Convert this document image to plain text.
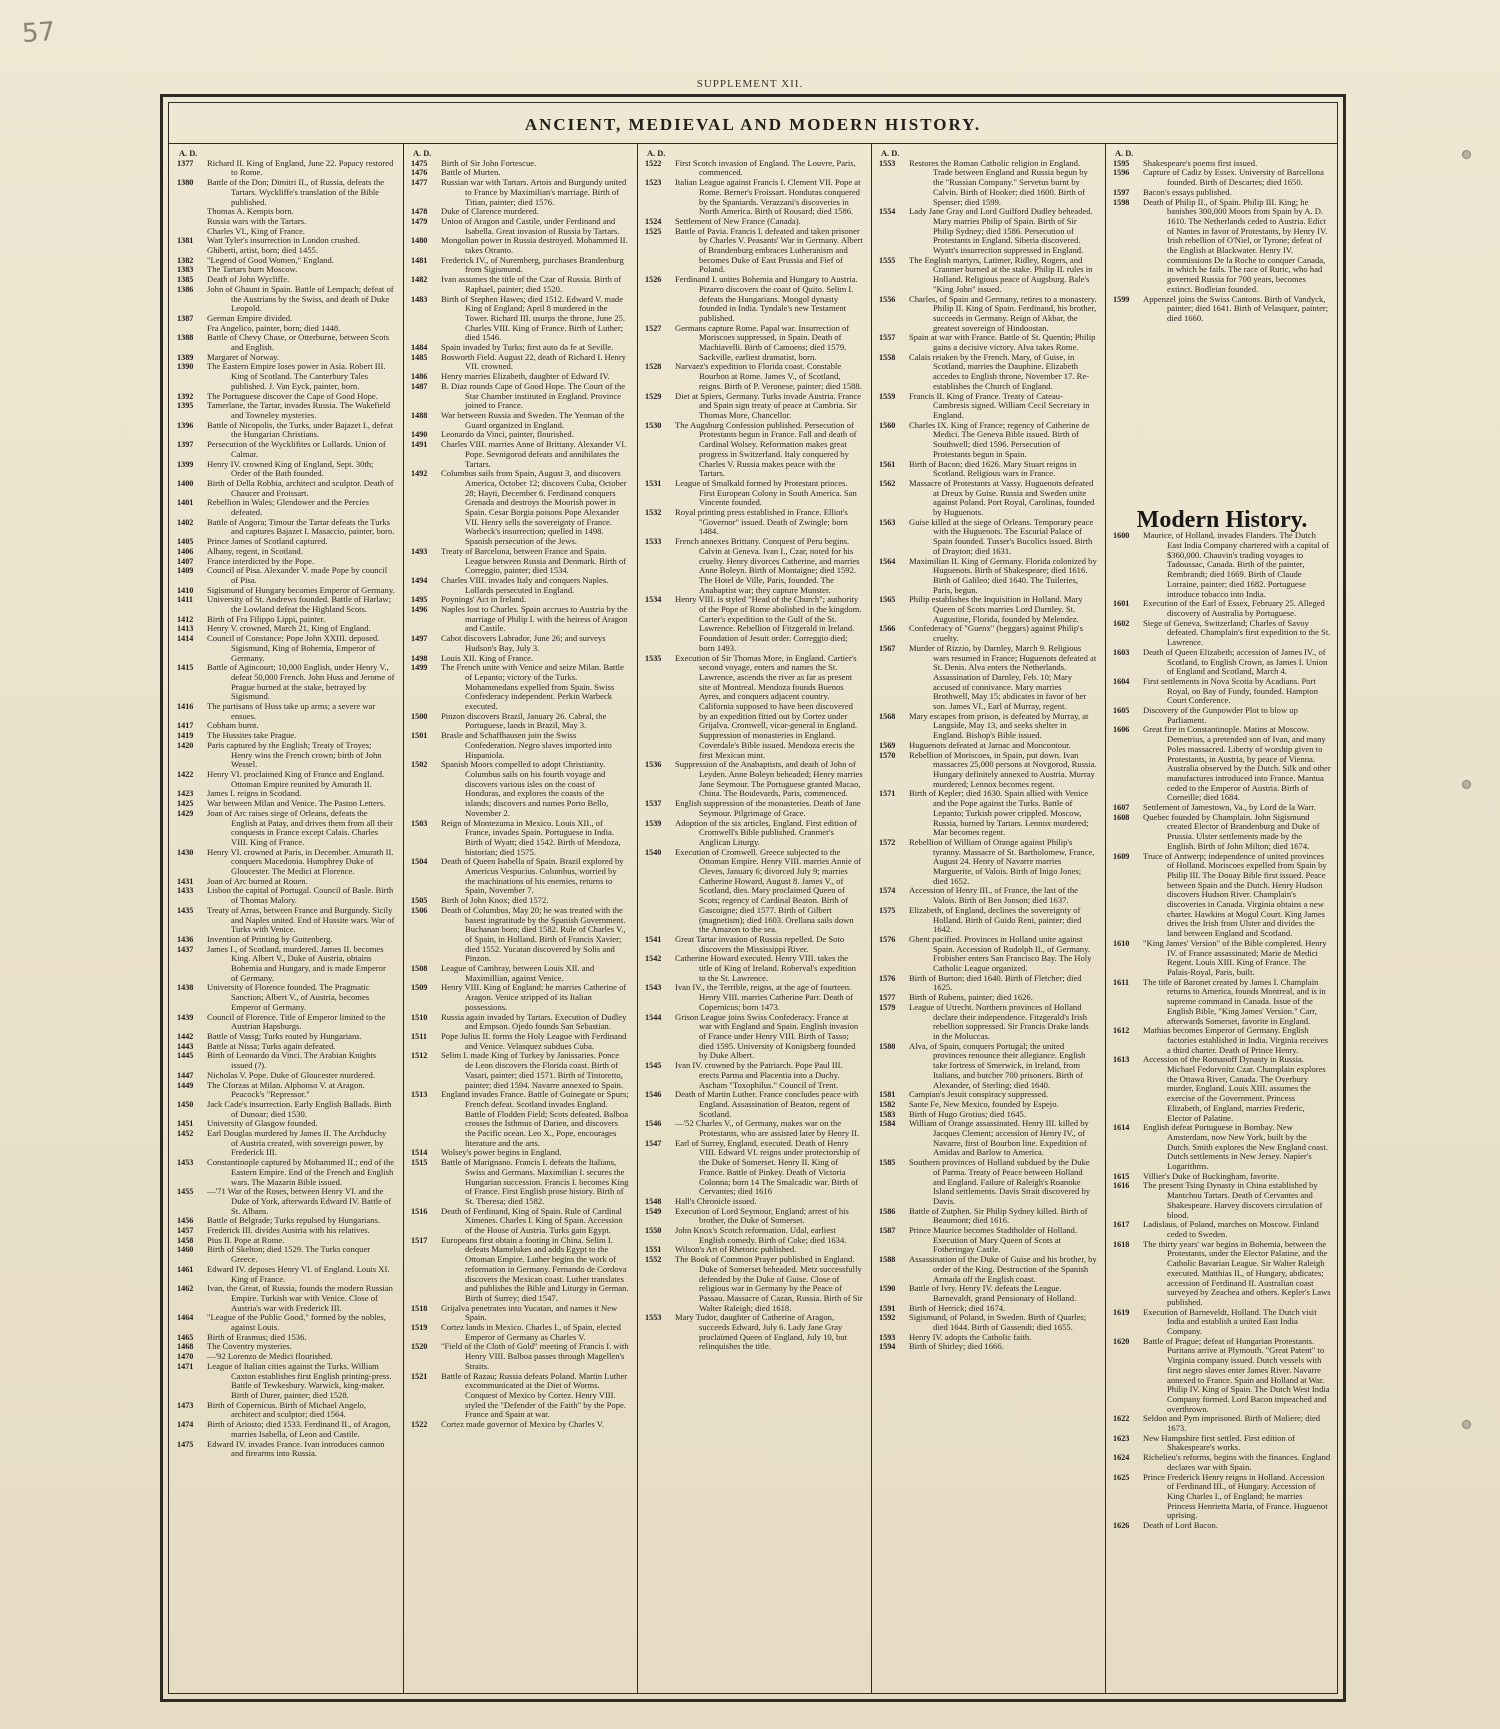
57
SUPPLEMENT XII.
ANCIENT, MEDIEVAL AND MODERN HISTORY.
A. D.
1377	Richard II. King of England, June 22. Papacy restored to Rome.
1380	Battle of the Don; Dimitri II., of Russia, defeats the Tartars. Wyckliffe's translation of the Bible published.
Thomas A. Kempis born.
Russia wars with the Tartars.
Charles VI., King of France.
1381	Watt Tyler's insurrection in London crushed.
Ghiberti, artist, born; died 1455.
1382	"Legend of Good Women," England.
1383	The Tartars burn Moscow.
1385	Death of John Wycliffe.
1386	John of Ghaunt in Spain. Battle of Lempach; defeat of the Austrians by the Swiss, and death of Duke Leopold.
1387	German Empire divided.
Fra Angelico, painter, born; died 1448.
1388	Battle of Chevy Chase, or Otterburne, between Scots and English.
1389	Margaret of Norway.
1390	The Eastern Empire loses power in Asia. Robert III. King of Scotland. The Canterbury Tales published. J. Van Eyck, painter, born.
1392	The Portuguese discover the Cape of Good Hope.
1395	Tamerlane, the Tartar, invades Russia. The Wakefield and Towneley mysteries.
1396	Battle of Nicopolis, the Turks, under Bajazet I., defeat the Hungarian Christians.
1397	Persecution of the Wycklifites or Lollards. Union of Calmar.
1399	Henry IV. crowned King of England, Sept. 30th; Order of the Bath founded.
1400	Birth of Della Robbia, architect and sculptor. Death of Chaucer and Froissart.
1401	Rebellion in Wales; Glendower and the Percies defeated.
1402	Battle of Angora; Timour the Tartar defeats the Turks and captures Bajazet I. Masaccio, painter, born.
1405	Prince James of Scotland captured.
1406	Albany, regent, in Scotland.
1407	France interdicted by the Pope.
1409	Council of Pisa. Alexander V. made Pope by council of Pisa.
1410	Sigismund of Hungary becomes Emperor of Germany.
1411	University of St. Andrews founded. Battle of Harlaw; the Lowland defeat the Highland Scots.
1412	Birth of Fra Filippo Lippi, painter.
1413	Henry V. crowned, March 21, King of England.
1414	Council of Constance; Pope John XXIII. deposed. Sigismund, King of Bohemia, Emperor of Germany.
1415	Battle of Agincourt; 10,000 English, under Henry V., defeat 50,000 French. John Huss and Jerome of Prague burned at the stake, betrayed by Sigismund.
1416	The partisans of Huss take up arms; a severe war ensues.
1417	Cobham burnt.
1419	The Hussites take Prague.
1420	Paris captured by the English; Treaty of Troyes; Henry wins the French crown; birth of John Wessel.
1422	Henry VI. proclaimed King of France and England. Ottoman Empire reunited by Amurath II.
1423	James I. reigns in Scotland.
1425	War between Milan and Venice. The Paston Letters.
1429	Joan of Arc raises siege of Orleans, defeats the English at Patay, and drives them from all their conquests in France except Calais. Charles VIII. King of France.
1430	Henry VI. crowned at Paris, in December. Amurath II. conquers Macedonia. Humphrey Duke of Gloucester. The Medici at Florence.
1431	Joan of Arc burned at Rouen.
1433	Lisbon the capital of Portugal. Council of Basle. Birth of Thomas Malory.
1435	Treaty of Arras, between France and Burgundy. Sicily and Naples united. End of Hussite wars. War of Turks with Venice.
1436	Invention of Printing by Guttenberg.
1437	James I., of Scotland, murdered. James II. becomes King. Albert V., Duke of Austria, obtains Bohemia and Hungary, and is made Emperor of Germany.
1438	University of Florence founded. The Pragmatic Sanction; Albert V., of Austria, becomes Emperor of Germany.
1439	Council of Florence. Title of Emperor limited to the Austrian Hapsburgs.
1442	Battle of Vassg; Turks routed by Hungarians.
1443	Battle at Nissa; Turks again defeated.
1445	Birth of Leonardo da Vinci. The Arabian Knights issued (?).
1447	Nicholas V. Pope. Duke of Gloucester murdered.
1449	The Cforzas at Milan. Alphonso V. at Aragon. Peacock's "Repressor."
1450	Jack Cade's insurrection. Early English Ballads. Birth of Dunoar; died 1530.
1451	University of Glasgow founded.
1452	Earl Douglas murdered by James II. The Archduchy of Austria created, with sovereign power, by Frederick III.
1453	Constantinople captured by Mohammed II.; end of the Eastern Empire. End of the French and English wars. The Mazarin Bible issued.
1455	—'71 War of the Roses, between Henry VI. and the Duke of York, afterwards Edward IV. Battle of St. Albans.
1456	Battle of Belgrade; Turks repulsed by Hungarians.
1457	Frederick III. divides Austria with his relatives.
1458	Pius II. Pope at Rome.
1460	Birth of Skelton; died 1529. The Turks conquer Greece.
1461	Edward IV. deposes Henry VI. of England. Louis XI. King of France.
1462	Ivan, the Great, of Russia, founds the modern Russian Empire. Turkish war with Venice. Close of Austria's war with Frederick III.
1464	"League of the Public Good," formed by the nobles, against Louis.
1465	Birth of Erasmus; died 1536.
1468	The Coventry mysteries.
1470	—'92 Lorenzo de Medici flourished.
1471	League of Italian cities against the Turks. William Caxton establishes first English printing-press. Battle of Tewkesbury. Warwick, king-maker. Birth of Durer, painter; died 1528.
1473	Birth of Copernicus. Birth of Michael Angelo, architect and sculptor; died 1564.
1474	Birth of Ariosto; died 1533. Ferdinand II., of Aragon, marries Isabella, of Leon and Castile.
1475	Edward IV. invades France. Ivan introduces cannon and firearms into Russia.
A. D.
1475	Birth of Sir John Fortescue.
1476	Battle of Murten.
1477	Russian war with Tartars. Artois and Burgundy united to France by Maximilian's marriage. Birth of Titian, painter; died 1576.
1478	Duke of Clarence murdered.
1479	Union of Aragon and Castile, under Ferdinand and Isabella. Great invasion of Russia by Tartars.
1480	Mongolian power in Russia destroyed. Mohammed II. takes Otranto.
1481	Frederick IV., of Nuremberg, purchases Brandenburg from Sigismund.
1482	Ivan assumes the title of the Czar of Russia. Birth of Raphael, painter; died 1520.
1483	Birth of Stephen Hawes; died 1512. Edward V. made King of England; April 8 murdered in the Tower. Richard III. usurps the throne, June 25. Charles VIII. King of France. Birth of Luther; died 1546.
1484	Spain invaded by Turks; first auto da fe at Seville.
1485	Bosworth Field. August 22, death of Richard I. Henry VII. crowned.
1486	Henry marries Elizabeth, daughter of Edward IV.
1487	B. Diaz rounds Cape of Good Hope. The Court of the Star Chamber instituted in England. Province joined to France.
1488	War between Russia and Sweden. The Yeoman of the Guard organized in England.
1490	Leonardo da Vinci, painter, flourished.
1491	Charles VIII. marries Anne of Brittany. Alexander VI. Pope. Sevnigorod defeats and annihilates the Tartars.
1492	Columbus sails from Spain, August 3, and discovers America, October 12; discovers Cuba, October 28; Hayti, December 6. Ferdinand conquers Grenada and destroys the Moorish power in Spain. Cesar Borgia poisons Pope Alexander VII. Henry sells the sovereignty of France. Warbeck's insurrection; quelled in 1498. Spanish persecution of the Jews.
1493	Treaty of Barcelona, between France and Spain. League between Russia and Denmark. Birth of Correggio, painter; died 1534.
1494	Charles VIII. invades Italy and conquers Naples. Lollards persecuted in England.
1495	Poynings' Act in Ireland.
1496	Naples lost to Charles. Spain accrues to Austria by the marriage of Philip I. with the heiress of Aragon and Castile.
1497	Cabot discovers Labrador, June 26; and surveys Hudson's Bay, July 3.
1498	Louis XII. King of France.
1499	The French unite with Venice and seize Milan. Battle of Lepanto; victory of the Turks. Mohammedans expelled from Spain. Swiss Confederacy independent. Perkin Warbeck executed.
1500	Pinzon discovers Brazil, January 26. Cabral, the Portuguese, lands in Brazil, May 3.
1501	Brasle and Schaffhausen join the Swiss Confederation. Negro slaves imported into Hispaniola.
1502	Spanish Moors compelled to adopt Christianity. Columbus sails on his fourth voyage and discovers various isles on the coast of Honduras, and explores the coasts of the islands; discovers and names Porto Bello, November 2.
1503	Reign of Montezuma in Mexico. Louis XII., of France, invades Spain. Portuguese in India. Birth of Wyatt; died 1542. Birth of Mendoza, historian; died 1575.
1504	Death of Queen Isabella of Spain. Brazil explored by Americus Vespucius. Columbus, worried by the machinations of his enemies, returns to Spain, November 7.
1505	Birth of John Knox; died 1572.
1506	Death of Columbus, May 20; he was treated with the basest ingratitude by the Spanish Government. Buchanan born; died 1582. Rule of Charles V., of Spain, in Holland. Birth of Francis Xavier; died 1552. Yucatan discovered by Solis and Pinzon.
1508	League of Cambray, between Louis XII. and Maximillian, against Venice.
1509	Henry VIII. King of England; he marries Catherine of Aragon. Venice stripped of its Italian possessions.
1510	Russia again invaded by Tartars. Execution of Dudley and Empson. Ojedo founds San Sebastian.
1511	Pope Julius II. forms the Holy League with Ferdinand and Venice. Velasquez subdues Cuba.
1512	Selim I. made King of Turkey by Janissaries. Ponce de Leon discovers the Florida coast. Birth of Vasari, painter; died 1571. Birth of Tintoretto, painter; died 1594. Navarre annexed to Spain.
1513	England invades France. Battle of Guinegate or Spurs; French defeat. Scotland invades England. Battle of Flodden Field; Scots defeated. Balboa crosses the Isthmus of Darien, and discovers the Pacific ocean. Leo X., Pope, encourages literature and the arts.
1514	Wolsey's power begins in England.
1515	Battle of Marignano. Francis I. defeats the Italians, Swiss and Germans. Maximilian I. secures the Hungarian succession. Francis I. becomes King of France. First English prose history. Birth of St. Theresa; died 1582.
1516	Death of Ferdinand, King of Spain. Rule of Cardinal Ximenes. Charles I. King of Spain. Accession of the House of Austria. Turks gain Egypt.
1517	Europeans first obtain a footing in China. Selim I. defeats Mamelukes and adds Egypt to the Ottoman Empire. Luther begins the work of reformation in Germany. Fernando de Cordova discovers the Mexican coast. Luther translates and publishes the Bible and Liturgy in German. Birth of Surrey; died 1547.
1518	Grijalva penetrates into Yucatan, and names it New Spain.
1519	Cortez lands in Mexico. Charles I., of Spain, elected Emperor of Germany as Charles V.
1520	"Field of the Cloth of Gold" meeting of Francis I. with Henry VIII. Balboa passes through Magellen's Straits.
1521	Battle of Razau; Russia defeats Poland. Martin Luther excommunicated at the Diet of Worms. Conquest of Mexico by Cortez. Henry VIII. styled the "Defender of the Faith" by the Pope. France and Spain at war.
1522	Cortez made governor of Mexico by Charles V.
A. D.
1522	First Scotch invasion of England. The Louvre, Paris, commenced.
1523	Italian League against Francis I. Clement VII. Pope at Rome. Berner's Froissart. Honduras conquered by the Spaniards. Verazzani's discoveries in North America. Birth of Rousard; died 1586.
1524	Settlement of New France (Canada).
1525	Battle of Pavia. Francis I. defeated and taken prisoner by Charles V. Peasants' War in Germany. Albert of Brandenburg embraces Lutheranism and becomes Duke of East Prussia and Fief of Poland.
1526	Ferdinand I. unites Bohemia and Hungary to Austria. Pizarro discovers the coast of Quito. Selim I. defeats the Hungarians. Mongol dynasty founded in India. Tyndale's new Testament published.
1527	Germans capture Rome. Papal war. Insurrection of Moriscoes suppressed, in Spain. Death of Machiavelli. Birth of Camoens; died 1579. Sackville, earliest dramatist, born.
1528	Narvaez's expedition to Florida coast. Constable Bourbon at Rome. James V., of Scotland, reigns. Birth of P. Veronese, painter; died 1588.
1529	Diet at Spiers, Germany. Turks invade Austria. France and Spain sign treaty of peace at Cambria. Sir Thomas More, Chancellor.
1530	The Augsburg Confession published. Persecution of Protestants begun in France. Fall and death of Cardinal Wolsey. Reformation makes great progress in Switzerland. Italy conquered by Charles V. Russia makes peace with the Tartars.
1531	League of Smalkald formed by Protestant princes. First European Colony in South America. San Vincente founded.
1532	Royal printing press established in France. Elliot's "Governor" issued. Death of Zwingle; born 1484.
1533	French annexes Brittany. Conquest of Peru begins. Calvin at Geneva. Ivan I., Czar, noted for his cruelty. Henry divorces Catherine, and marries Anne Boleyn. Birth of Montaigne; died 1592. The Hotel de Ville, Paris, founded. The Anabaptist war; they capture Munster.
1534	Henry VIII. is styled "Head of the Church"; authority of the Pope of Rome abolished in the kingdom. Carter's expedition to the Gulf of the St. Lawrence. Rebellion of Fitzgerald in Ireland. Foundation of Jesuit order. Correggio died; born 1493.
1535	Execution of Sir Thomas More, in England. Cartier's second voyage, enters and names the St. Lawrence, ascends the river as far as present site of Montreal. Mendoza founds Buenos Ayres, and conquers adjacent country. California supposed to have been discovered by an expedition fitted out by Cortez under Grijalva. Cromwell, vicar-general in England. Suppression of monasteries in England. Coverdale's Bible issued. Mendoza erects the first Mexican mint.
1536	Suppression of the Anabaptists, and death of John of Leyden. Anne Boleyn beheaded; Henry marries Jane Seymour. The Portuguese granted Macao, China. The Boulevards, Paris, commenced.
1537	English suppression of the monasteries. Death of Jane Seymour. Pilgrimage of Grace.
1539	Adoption of the six articles, England. First edition of Cromwell's Bible published. Cranmer's Anglican Liturgy.
1540	Execution of Cromwell. Greece subjected to the Ottoman Empire. Henry VIII. marries Annie of Cleves, January 6; divorced July 9; marries Catherine Howard, August 8. James V., of Scotland, dies. Mary proclaimed Queen of Scots; regency of Cardinal Beaton. Birth of Gascoigne; died 1577. Birth of Gilbert (magnetism); died 1603. Orellana sails down the Amazon to the sea.
1541	Great Tartar invasion of Russia repelled. De Soto discovers the Mississippi River.
1542	Catherine Howard executed. Henry VIII. takes the title of King of Ireland. Roberval's expedition to the St. Lawrence.
1543	Ivan IV., the Terrible, reigns, at the age of fourteen. Henry VIII. marries Catherine Parr. Death of Copernicus; born 1473.
1544	Grison League joins Swiss Confederacy. France at war with England and Spain. English invasion of France under Henry VIII. Birth of Tasso; died 1595. University of Konigsberg founded by Duke Albert.
1545	Ivan IV. crowned by the Patriarch. Pope Paul III. erects Parma and Placentia into a Duchy. Ascham "Toxophilus." Council of Trent.
1546	Death of Martin Luther. France concludes peace with England. Assassination of Beaton, regent of Scotland.
1546	—'52 Charles V., of Germany, makes war on the Protestants, who are assisted later by Henry II.
1547	Earl of Surrey, England, executed. Death of Henry VIII. Edward VI. reigns under protectorship of the Duke of Somerset. Henry II. King of France. Battle of Pinkey. Death of Victoria Colonna; born 14 The Smalcadic war. Birth of Cervantes; died 1616
1548	Hall's Chronicle issued.
1549	Execution of Lord Seymour, England; arrest of his brother, the Duke of Somerset.
1550	John Knox's Scotch reformation. Udal, earliest English comedy. Birth of Coke; died 1634.
1551	Wilson's Art of Rhetoric published.
1552	The Book of Common Prayer published in England. Duke of Somerset beheaded. Metz successfully defended by the Duke of Guise. Close of religious war in Germany by the Peace of Passau. Massacre of Cazan, Russia. Birth of Sir Walter Raleigh; died 1618.
1553	Mary Tudor, daughter of Catherine of Aragon, succeeds Edward, July 6. Lady Jane Gray proclaimed Queen of England, July 10, but relinquishes the title.
A. D.
1553	Restores the Roman Catholic religion in England. Trade between England and Russia begun by the "Russian Company." Servetus burnt by Calvin. Birth of Hooker; died 1600. Birth of Spenser; died 1599.
1554	Lady Jane Gray and Lord Guilford Dudley beheaded. Mary marries Philip of Spain. Birth of Sir Philip Sydney; died 1586. Persecution of Protestants in England. Siberia discovered. Wyatt's insurrection suppressed in England.
1555	The English martyrs, Latimer, Ridley, Rogers, and Cranmer burned at the stake. Philip II. rules in Holland. Religious peace of Augsburg. Bale's "King John" issued.
1556	Charles, of Spain and Germany, retires to a monastery. Philip II. King of Spain. Ferdinand, his brother, succeeds in Germany. Reign of Akbar, the greatest sovereign of Hindoostan.
1557	Spain at war with France. Battle of St. Quentin; Philip gains a decisive victory. Alva takes Rome.
1558	Calais retaken by the French. Mary, of Guise, in Scotland, marries the Dauphine. Elizabeth accedes to English throne, November 17. Re-establishes the Church of England.
1559	Francis II. King of France. Treaty of Cateau-Cambresis signed. William Cecil Secretary in England.
1560	Charles IX. King of France; regency of Catherine de Medici. The Geneva Bible issued. Birth of Southwell; died 1596. Persecution of Protestants begun in Spain.
1561	Birth of Bacon; died 1626. Mary Stuart reigns in Scotland. Religious wars in France.
1562	Massacre of Protestants at Vassy. Huguenots defeated at Dreux by Guise. Russia and Sweden unite against Poland. Port Royal, Carolinas, founded by Huguenots.
1563	Guise killed at the siege of Orleans. Temporary peace with the Huguenots. The Escurial Palace of Spain founded. Tusser's Bucolics issued. Birth of Drayton; died 1631.
1564	Maximilian II. King of Germany. Florida colonized by Huguenots. Birth of Shakespeare; died 1616. Birth of Galileo; died 1640. The Tuileries, Paris, begun.
1565	Philip establishes the Inquisition in Holland. Mary Queen of Scots marries Lord Darnley. St. Augustine, Florida, founded by Melendez.
1566	Confederacy of "Guenx" (beggars) against Philip's cruelty.
1567	Murder of Rizzio, by Darnley, March 9. Religious wars resumed in France; Huguenots defeated at St. Denis. Alva enters the Netherlands. Assassination of Darnley, Feb. 10; Mary accused of connivance. Mary marries Brothwell, May 15; abdicates in favor of her son. James VI., Earl of Murray, regent.
1568	Mary escapes from prison, is defeated by Murray, at Langside, May 13, and seeks shelter in England. Bishop's Bible issued.
1569	Huguenots defeated at Jarnac and Moncontour.
1570	Rebellion of Moriscoes, in Spain, put down. Ivan massacres 25,000 persons at Novgorod, Russia. Hungary definitely annexed to Austria. Murray murdered; Lennox becomes regent.
1571	Birth of Kepler; died 1630. Spain allied with Venice and the Pope against the Turks. Battle of Lepanto; Turkish power crippled. Moscow, Russia, burned by Tartars. Lennox murdered; Mar becomes regent.
1572	Rebellion of William of Orange against Philip's tyranny. Massacre of St. Bartholomew, France, August 24. Henry of Navarre marries Marguerite, of Valois. Birth of Inigo Jones; died 1652.
1574	Accession of Henry III., of France, the last of the Valois. Birth of Ben Jonson; died 1637.
1575	Elizabeth, of England, declines the sovereignty of Holland. Birth of Guido Reni, painter; died 1642.
1576	Ghent pacified. Provinces in Holland unite against Spain. Accession of Rudolph II., of Germany. Frobisher enters San Francisco Bay. The Holy Catholic League organized.
1576	Birth of Burton; died 1640. Birth of Fletcher; died 1625.
1577	Birth of Rubens, painter; died 1626.
1579	League of Utrecht. Northern provinces of Holland declare their independence. Fitzgerald's Irish rebellion suppressed. Sir Francis Drake lands in the Moluccas.
1580	Alva, of Spain, conquers Portugal; the united provinces renounce their allegiance. English take fortress of Smerwick, in Ireland, from Italians, and butcher 700 prisoners. Birth of Alexander, of Sterling; died 1640.
1581	Campian's Jesuit conspiracy suppressed.
1582	Sante Fe, New Mexico, founded by Espejo.
1583	Birth of Hugo Grotius; died 1645.
1584	William of Orange assassinated. Henry III. killed by Jacques Clement; accession of Henry IV., of Navarre, first of Bourbon line. Expedition of Amidas and Barlow to America.
1585	Southern provinces of Holland subdued by the Duke of Parma. Treaty of Peace between Holland and England. Failure of Raleigh's Roanoke Island settlements. Davis Strait discovered by Davis.
1586	Battle of Zutphen. Sir Philip Sydney killed. Birth of Beaumont; died 1616.
1587	Prince Maurice becomes Stadtholder of Holland. Execution of Mary Queen of Scots at Fotheringay Castle.
1588	Assassination of the Duke of Guise and his brother, by order of the King. Destruction of the Spanish Armada off the English coast.
1590	Battle of Ivry. Henry IV. defeats the League. Barnevaldt, grand Pensionary of Holland.
1591	Birth of Herrick; died 1674.
1592	Sigismund, of Poland, in Sweden. Birth of Quarles; died 1644. Birth of Gassendi; died 1655.
1593	Henry IV. adopts the Catholic faith.
1594	Birth of Shirley; died 1666.
A. D.
1595	Shakespeare's poems first issued.
1596	Capture of Cadiz by Essex. University of Barcellona founded. Birth of Descartes; died 1650.
1597	Bacon's essays published.
1598	Death of Philip II., of Spain. Philip III. King; he banishes 300,000 Moors from Spain by A. D. 1610. The Netherlands ceded to Austria. Edict of Nantes in favor of Protestants, by Henry IV. Irish rebellion of O'Niel, or Tyrone; defeat of the English at Blackwater. Henry IV. commissions De la Roche to conquer Canada, in which he fails. The race of Ruric, who had governed Russia for 700 years, becomes extinct. Bodleian founded.
1599	Appenzel joins the Swiss Cantons. Birth of Vandyck, painter; died 1641. Birth of Velasquez, painter; died 1660.
Modern History.
1600	Maurice, of Holland, invades Flanders. The Dutch East India Company chartered with a capital of $360,000. Chauvin's trading voyages to Tadoussac, Canada. Birth of the painter, Rembrandt; died 1669. Birth of Claude Lorraine, painter; died 1682. Portuguese introduce tobacco into India.
1601	Execution of the Earl of Essex, February 25. Alleged discovery of Australia by Portuguese.
1602	Siege of Geneva, Switzerland; Charles of Savoy defeated. Champlain's first expedition to the St. Lawrence.
1603	Death of Queen Elizabeth; accession of James IV., of Scotland, to English Crown, as James I. Union of England and Scotland, March 4.
1604	First settlements in Nova Scotia by Acadians. Port Royal, on Bay of Fundy, founded. Hampton Court Conference.
1605	Discovery of the Gunpowder Plot to blow up Parliament.
1606	Great fire in Constantinople. Matins at Moscow. Demetrius, a pretended son of Ivan, and many Poles massacred. Liberty of worship given to Protestants, in Austria, by peace of Vienna. Australia observed by the Dutch. Silk and other manufactures introduced into France. Mantua ceded to the Emperor of Austria. Birth of Corneille; died 1684.
1607	Settlement of Jamestown, Va., by Lord de la Warr.
1608	Quebec founded by Champlain. John Sigismund created Elector of Brandenburg and Duke of Prussia. Ulster settlements made by the English. Birth of John Milton; died 1674.
1609	Truce of Antwerp; independence of united provinces of Holland. Moriscoes expelled from Spain by Philip III. The Douay Bible first issued. Peace between Spain and the Dutch. Henry Hudson discovers Hudson River. Champlain's discoveries in Canada. Virginia obtains a new charter. Hawkins at Mogul Court. King James drives the Irish from Ulster and divides the land between England and Scotland.
1610	"King James' Version" of the Bible completed. Henry IV. of France assassinated; Marie de Medici Regent. Louis XIII. King of France. The Palais-Royal, Paris, built.
1611	The title of Baronet created by James I. Champlain returns to America, founds Montreal, and is in supreme command in Canada. Issue of the English Bible, "King James' Version." Carr, afterwards Somerset, favorite in England.
1612	Mathias becomes Emperor of Germany. English factories established in India. Virginia receives a third charter. Death of Prince Henry.
1613	Accession of the Romanoff Dynasty in Russia. Michael Fedorvoitz Czar. Champlain explores the Ottawa River, Canada. The Overbury murder, England. Louis XIII. assumes the exercise of the Government. Princess Elizabeth, of England, marries Frederic, Elector of Palatine.
1614	English defeat Portuguese in Bombay. New Amsterdam, now New York, built by the Dutch. Smith explores the New England coast. Dutch settlements in New Jersey. Napier's Logarithms.
1615	Villier's Duke of Buckingham, favorite.
1616	The present Tsing Dynasty in China established by Mantchou Tartars. Death of Cervantes and Shakespeare. Harvey discovers circulation of blood.
1617	Ladislaus, of Poland, marches on Moscow. Finland ceded to Sweden.
1618	The thirty years' war begins in Bohemia, between the Protestants, under the Elector Palatine, and the Catholic Bavarian League. Sir Walter Raleigh executed. Matthias II., of Hungary, abdicates; accession of Ferdinand II. Australian coast surveyed by Zeachea and others. Kepler's Laws published.
1619	Execution of Barneveldt, Holland. The Dutch visit India and establish a united East India Company.
1620	Battle of Prague; defeat of Hungarian Protestants. Puritans arrive at Plymouth. "Great Patent" to Virginia company issued. Dutch vessels with first negro slaves enter James River. Navarre annexed to France. Spain and Holland at War. Philip IV. King of Spain. The Dutch West India Company formed. Lord Bacon impeached and overthrown.
1622	Seldon and Pym imprisoned. Birth of Moliere; died 1673.
1623	New Hampshire first settled. First edition of Shakespeare's works.
1624	Richelieu's reforms, begins with the finances. England declares war with Spain.
1625	Prince Frederick Henry reigns in Holland. Accession of Ferdinand III., of Hungary. Accession of King Charles I., of England; he marries Princess Henrietta Maria, of France. Huguenot uprising.
1626	Death of Lord Bacon.
